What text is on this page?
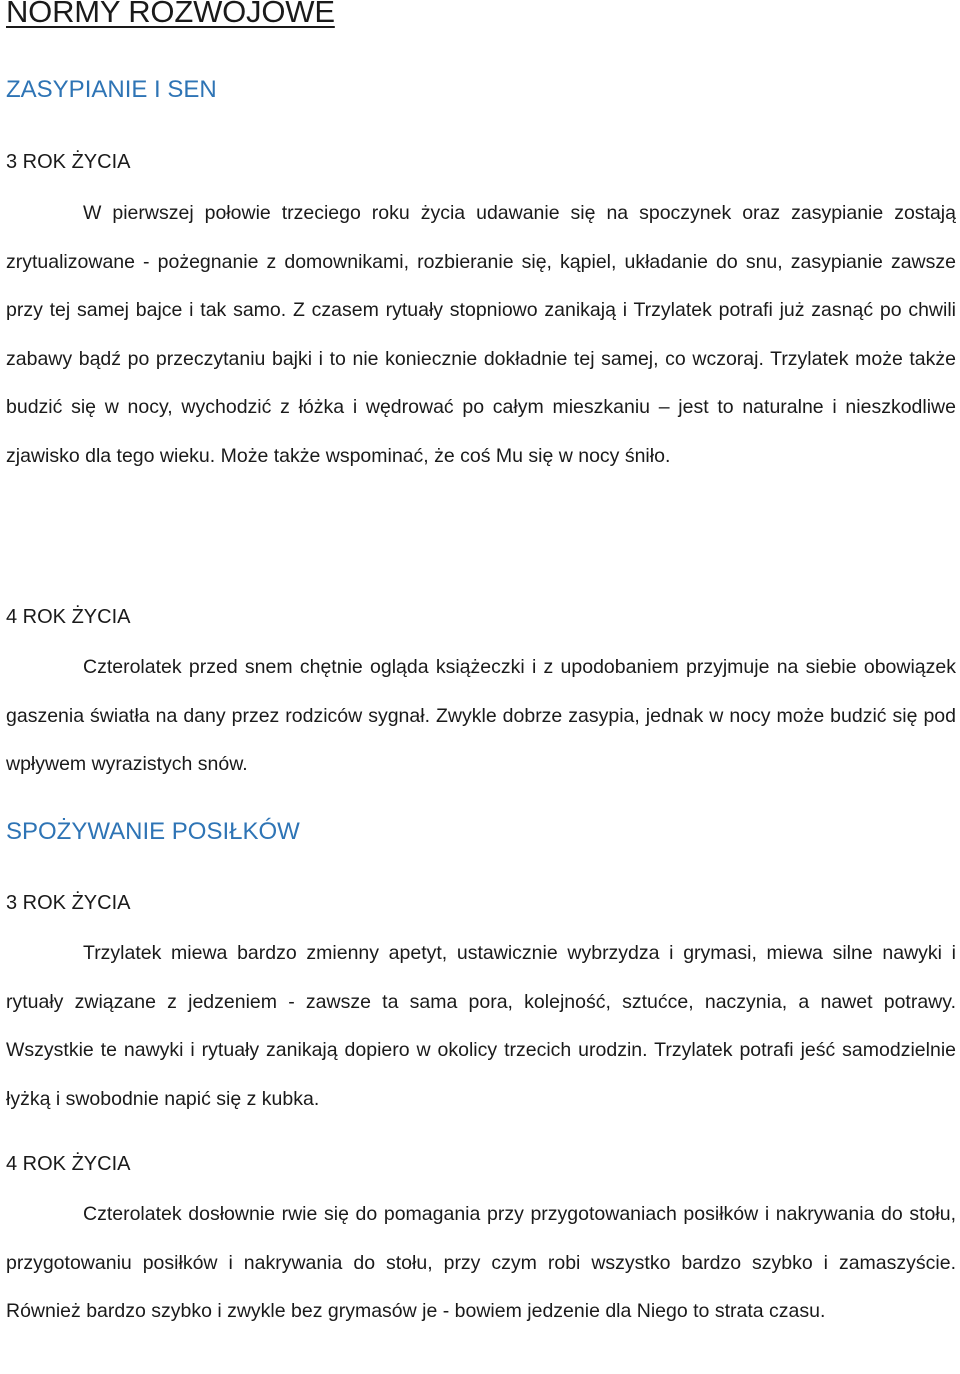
NORMY ROZWOJOWE
ZASYPIANIE I SEN
3 ROK ŻYCIA

W pierwszej połowie trzeciego roku życia udawanie się na spoczynek oraz zasypianie zostają zrytualizowane - pożegnanie z domownikami, rozbieranie się, kąpiel, układanie do snu, zasypianie zawsze przy tej samej bajce i tak samo. Z czasem rytuały stopniowo zanikają i Trzylatek potrafi już zasnąć po chwili zabawy bądź po przeczytaniu bajki i to nie koniecznie dokładnie tej samej, co wczoraj. Trzylatek może także budzić się w nocy, wychodzić z łóżka i wędrować po całym mieszkaniu – jest to naturalne i nieszkodliwe zjawisko dla tego wieku. Może także wspominać, że coś Mu się w nocy śniło.

4 ROK ŻYCIA

Czterolatek przed snem chętnie ogląda książeczki i z upodobaniem przyjmuje na siebie obowiązek gaszenia światła na dany przez rodziców sygnał. Zwykle dobrze zasypia, jednak w nocy może budzić się pod wpływem wyrazistych snów.

SPOŻYWANIE POSIŁKÓW
3 ROK ŻYCIA

Trzylatek miewa bardzo zmienny apetyt, ustawicznie wybrzydza i grymasi, miewa silne nawyki i rytuały związane z jedzeniem - zawsze ta sama pora, kolejność, sztućce, naczynia, a nawet potrawy. Wszystkie te nawyki i rytuały zanikają dopiero w okolicy trzecich urodzin. Trzylatek potrafi jeść samodzielnie łyżką i swobodnie napić się z kubka.

4 ROK ŻYCIA

Czterolatek dosłownie rwie się do pomagania przy przygotowaniach posiłków i nakrywania do stołu, przygotowaniu posiłków i nakrywania do stołu, przy czym robi wszystko bardzo szybko i zamaszyście. Również bardzo szybko i zwykle bez grymasów je - bowiem jedzenie dla Niego to strata czasu.
